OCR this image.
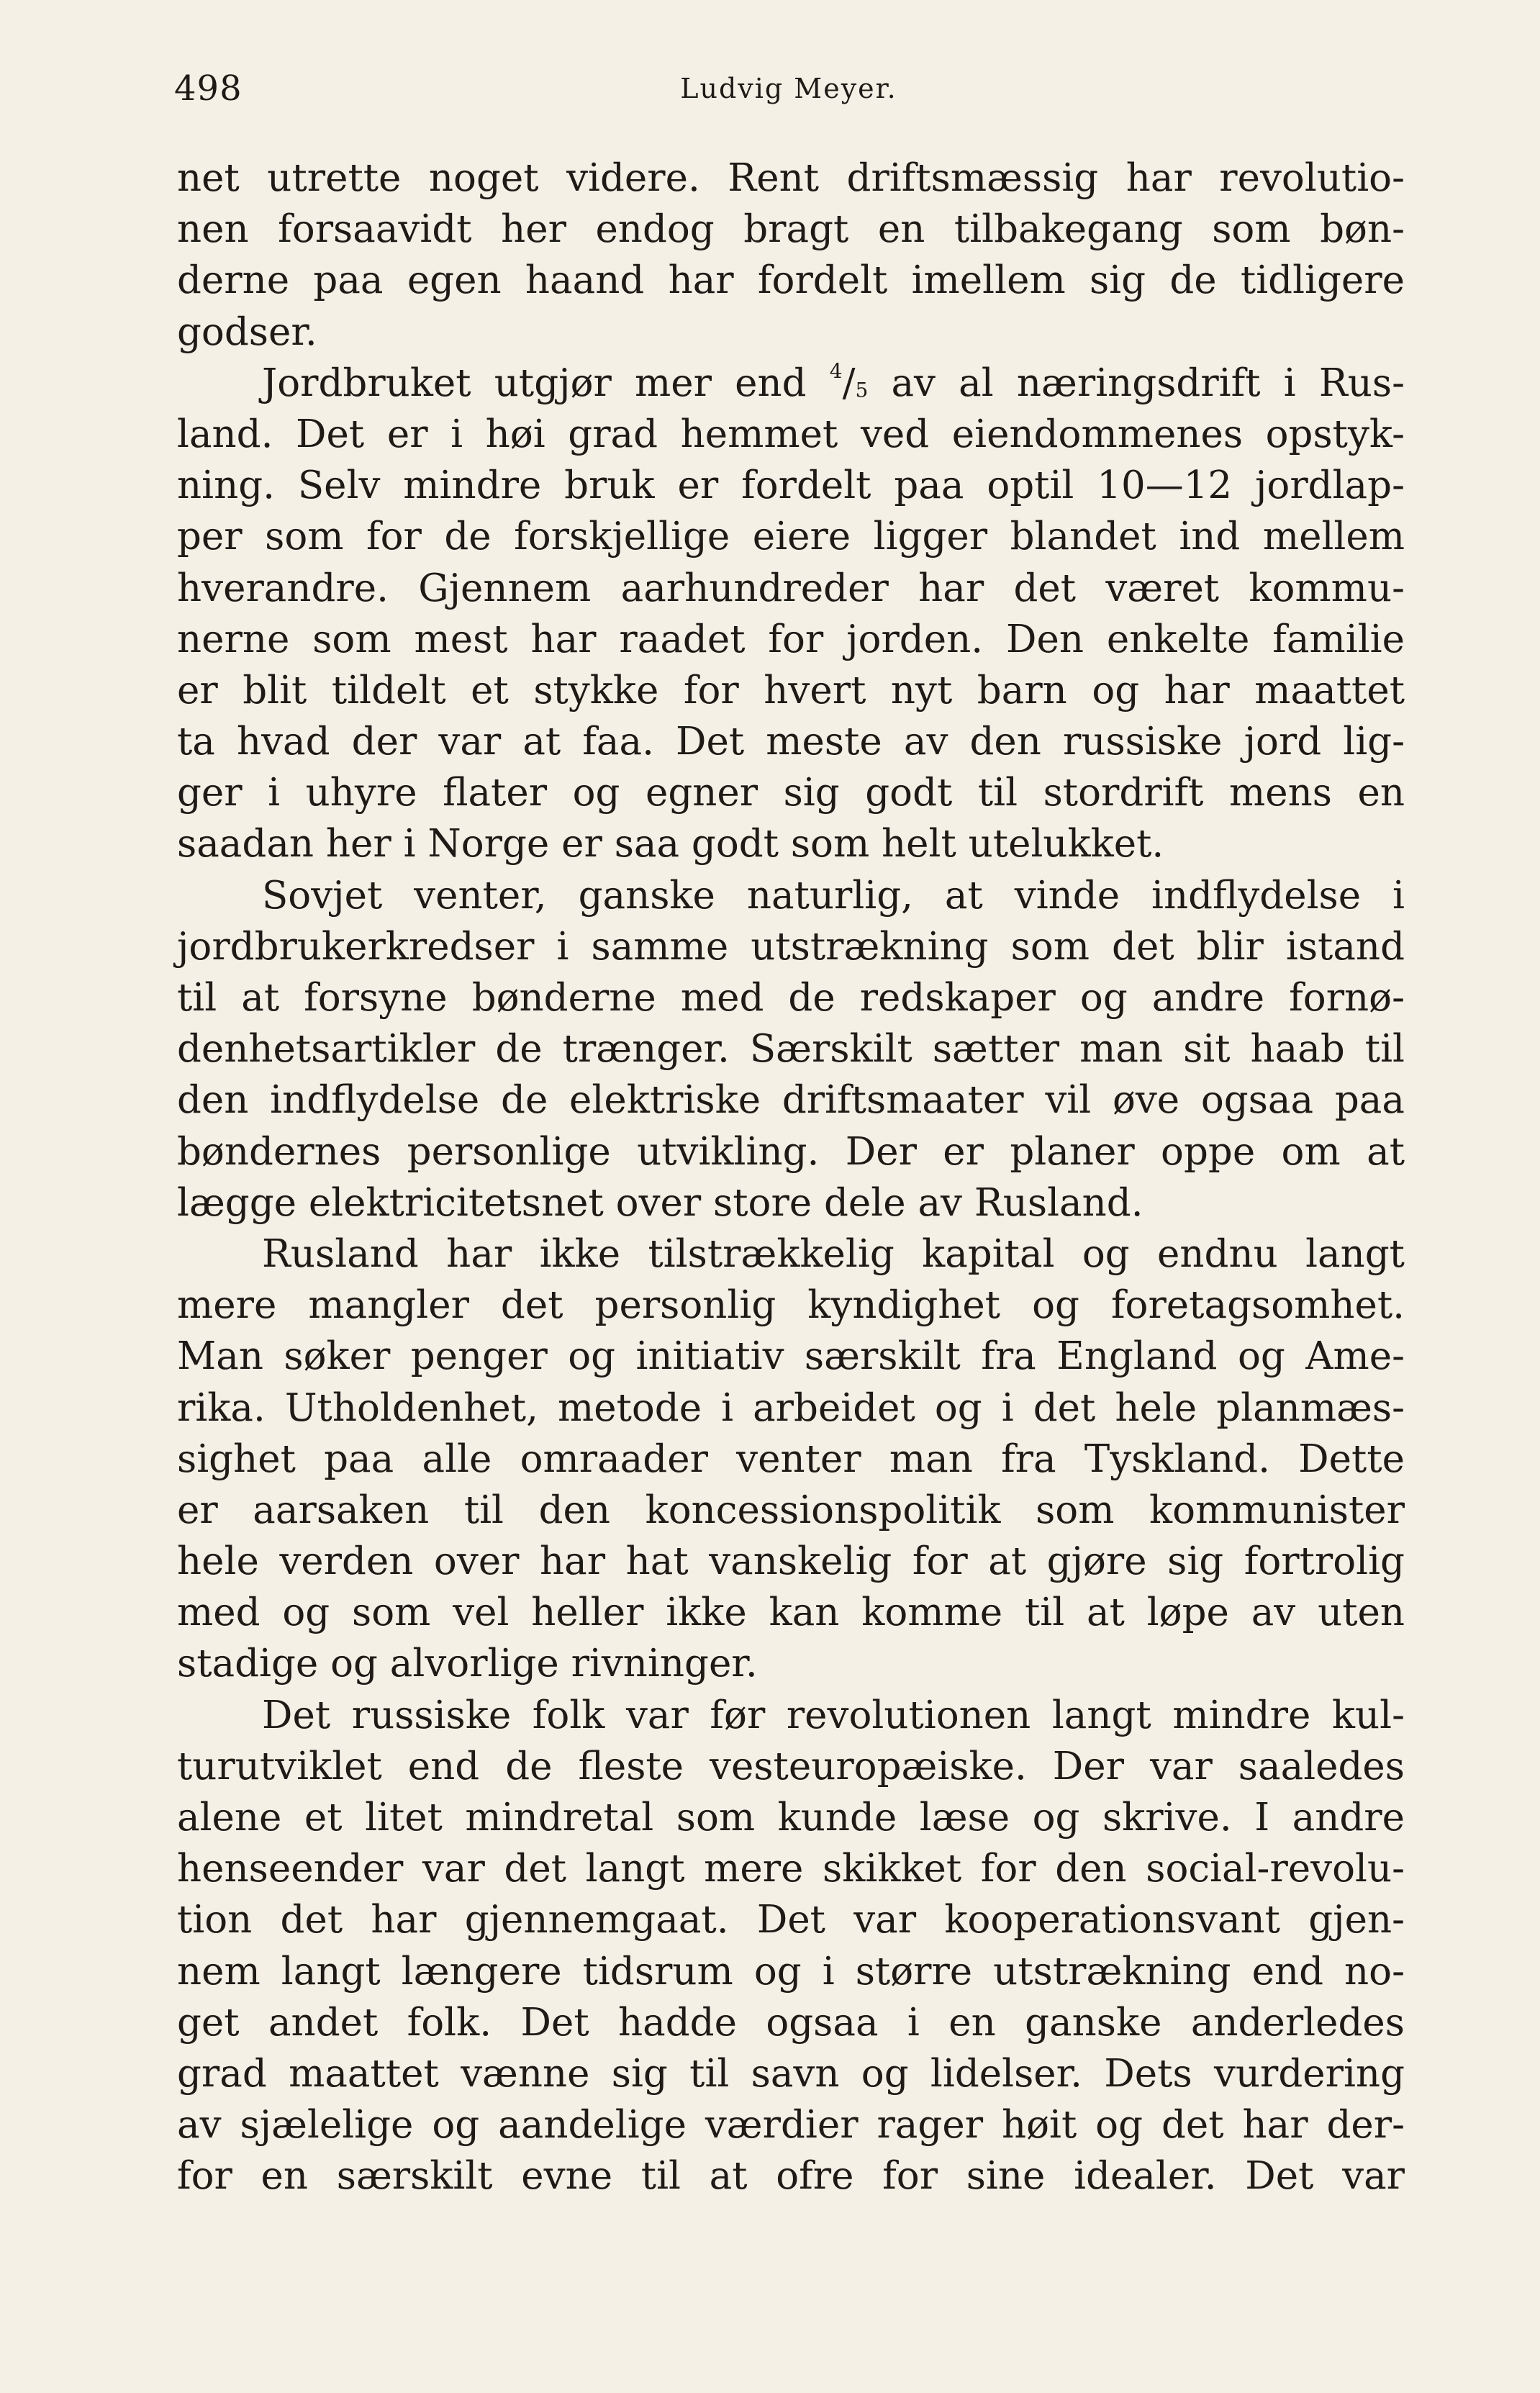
498	Ludvig Meyer.
net utrette noget videre. Rent driftsmæssig har revolutio-
nen forsaavidt her endog bragt en tilbakegang som bøn-
derne paa egen haand har fordelt imellem sig de tidligere
godser.
Jordbruket utgjør mer end $^4/_5$ av al næringsdrift i Rus-
land. Det er i høi grad hemmet ved eiendommenes opstyk-
ning. Selv mindre bruk er fordelt paa optil 10—12 jordlap-
per som for de forskjellige eiere ligger blandet ind mellem
hverandre. Gjennem aarhundreder har det været kommu-
nerne som mest har raadet for jorden. Den enkelte familie
er blit tildelt et stykke for hvert nyt barn og har maattet
ta hvad der var at faa. Det meste av den russiske jord lig-
ger i uhyre flater og egner sig godt til stordrift mens en
saadan her i Norge er saa godt som helt utelukket.
Sovjet venter, ganske naturlig, at vinde indflydelse i
jordbrukerkredser i samme utstrækning som det blir istand
til at forsyne bønderne med de redskaper og andre fornø-
denhetsartikler de trænger. Særskilt sætter man sit haab til
den indflydelse de elektriske driftsmaater vil øve ogsaa paa
bøndernes personlige utvikling. Der er planer oppe om at
lægge elektricitetsnet over store dele av Rusland.
Rusland har ikke tilstrækkelig kapital og endnu langt
mere mangler det personlig kyndighet og foretagsomhet.
Man søker penger og initiativ særskilt fra England og Ame-
rika. Utholdenhet, metode i arbeidet og i det hele planmæs-
sighet paa alle omraader venter man fra Tyskland. Dette
er aarsaken til den koncessionspolitik som kommunister
hele verden over har hat vanskelig for at gjøre sig fortrolig
med og som vel heller ikke kan komme til at løpe av uten
stadige og alvorlige rivninger.
Det russiske folk var før revolutionen langt mindre kul-
turutviklet end de fleste vesteuropæiske. Der var saaledes
alene et litet mindretal som kunde læse og skrive. I andre
henseender var det langt mere skikket for den social-revolu-
tion det har gjennemgaat. Det var kooperationsvant gjen-
nem langt længere tidsrum og i større utstrækning end no-
get andet folk. Det hadde ogsaa i en ganske anderledes
grad maattet vænne sig til savn og lidelser. Dets vurdering
av sjælelige og aandelige værdier rager høit og det har der-
for en særskilt evne til at ofre for sine idealer. Det var
